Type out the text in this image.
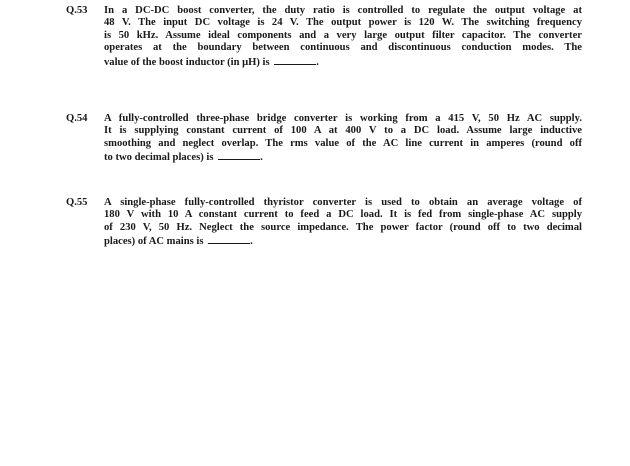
Q.53 In a DC-DC boost converter, the duty ratio is controlled to regulate the output voltage at
48 V. The input DC voltage is 24 V. The output power is 120 W. The switching frequency
is 50 kHz. Assume ideal components and a very large output filter capacitor. The converter
operates at the boundary between continuous and discontinuous conduction modes. The
value of the boost inductor (in μH) is	.
Q.54 A fully-controlled three-phase bridge converter is working from a 415 V, 50 Hz AC supply.
It is supplying constant current of 100 A at 400 V to a DC load. Assume large inductive
smoothing and neglect overlap. The rms value of the AC line current in amperes (round off
to two decimal places) is	.
Q.55 A single-phase fully-controlled thyristor converter is used to obtain an average voltage of
180 V with 10 A constant current to feed a DC load. It is fed from single-phase AC supply
of 230 V, 50 Hz. Neglect the source impedance. The power factor (round off to two decimal
places) of AC mains is	.
